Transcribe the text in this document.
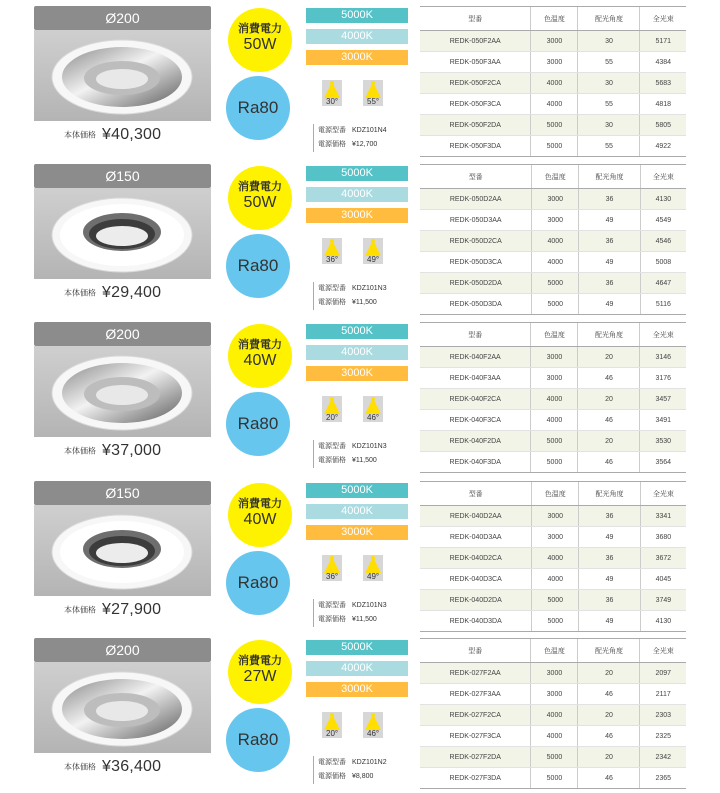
Ø200
本体価格 ¥40,300
消費電力
50W
Ra80
5000K
4000K
3000K
30°	55°
電源型番 KDZ101N4
電源価格 ¥12,700
型番	色温度	配光角度	全光束
REDK-050F2AA	3000	30	5171
REDK-050F3AA	3000	55	4384
REDK-050F2CA	4000	30	5683
REDK-050F3CA	4000	55	4818
REDK-050F2DA	5000	30	5805
REDK-050F3DA	5000	55	4922
Ø150
本体価格 ¥29,400
消費電力
50W
Ra80
5000K
4000K
3000K
36°	49°
電源型番 KDZ101N3
電源価格 ¥11,500
型番	色温度	配光角度	全光束
REDK-050D2AA	3000	36	4130
REDK-050D3AA	3000	49	4549
REDK-050D2CA	4000	36	4546
REDK-050D3CA	4000	49	5008
REDK-050D2DA	5000	36	4647
REDK-050D3DA	5000	49	5116
Ø200
本体価格 ¥37,000
消費電力
40W
Ra80
5000K
4000K
3000K
20°	46°
電源型番 KDZ101N3
電源価格 ¥11,500
型番	色温度	配光角度	全光束
REDK-040F2AA	3000	20	3146
REDK-040F3AA	3000	46	3176
REDK-040F2CA	4000	20	3457
REDK-040F3CA	4000	46	3491
REDK-040F2DA	5000	20	3530
REDK-040F3DA	5000	46	3564
Ø150
本体価格 ¥27,900
消費電力
40W
Ra80
5000K
4000K
3000K
36°	49°
電源型番 KDZ101N3
電源価格 ¥11,500
型番	色温度	配光角度	全光束
REDK-040D2AA	3000	36	3341
REDK-040D3AA	3000	49	3680
REDK-040D2CA	4000	36	3672
REDK-040D3CA	4000	49	4045
REDK-040D2DA	5000	36	3749
REDK-040D3DA	5000	49	4130
Ø200
本体価格 ¥36,400
消費電力
27W
Ra80
5000K
4000K
3000K
20°	46°
電源型番 KDZ101N2
電源価格 ¥8,800
型番	色温度	配光角度	全光束
REDK-027F2AA	3000	20	2097
REDK-027F3AA	3000	46	2117
REDK-027F2CA	4000	20	2303
REDK-027F3CA	4000	46	2325
REDK-027F2DA	5000	20	2342
REDK-027F3DA	5000	46	2365
